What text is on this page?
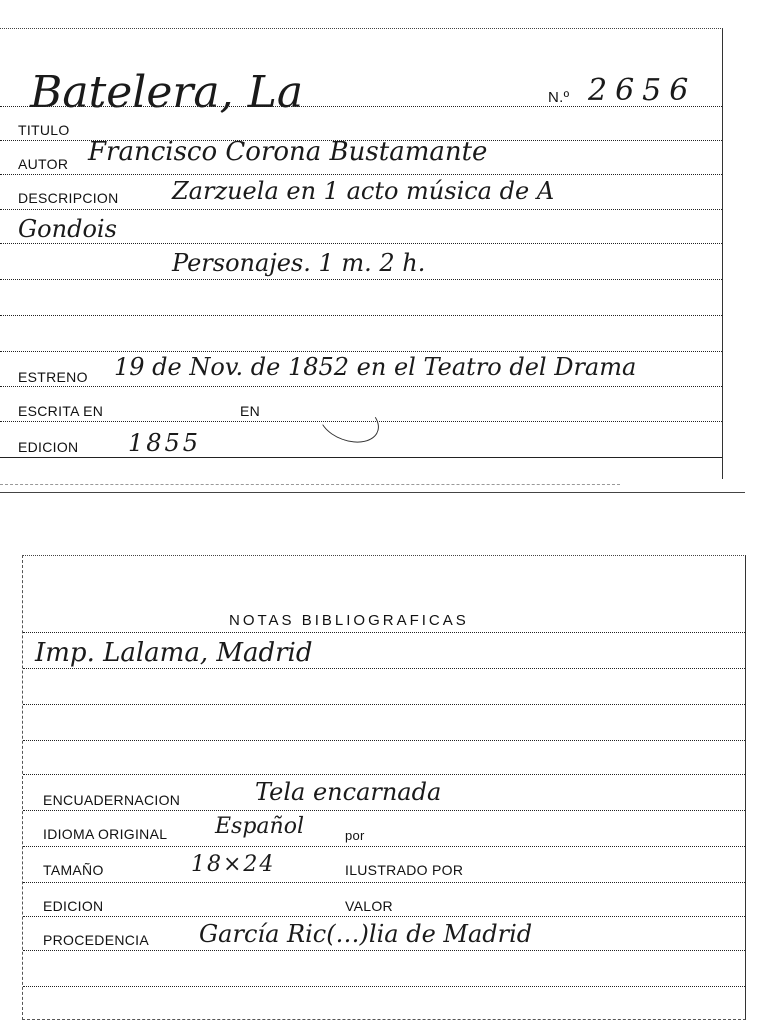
Batelera, La	N.º 2656
TITULO
AUTOR Francisco Corona Bustamante
DESCRIPCION Zarzuela en 1 acto música de A
Gondois
Personajes. 1 m. 2 h.
ESTRENO 19 de Nov. de 1852 en el Teatro del Drama
ESCRITA EN	EN
EDICION 1855
NOTAS BIBLIOGRAFICAS
Imp. Lalama, Madrid
ENCUADERNACION	Tela encarnada
IDIOMA ORIGINAL Español	por
TAMAÑO	18×24	ILUSTRADO POR
EDICION	VALOR
PROCEDENCIA García Ric(…)lia de Madrid
